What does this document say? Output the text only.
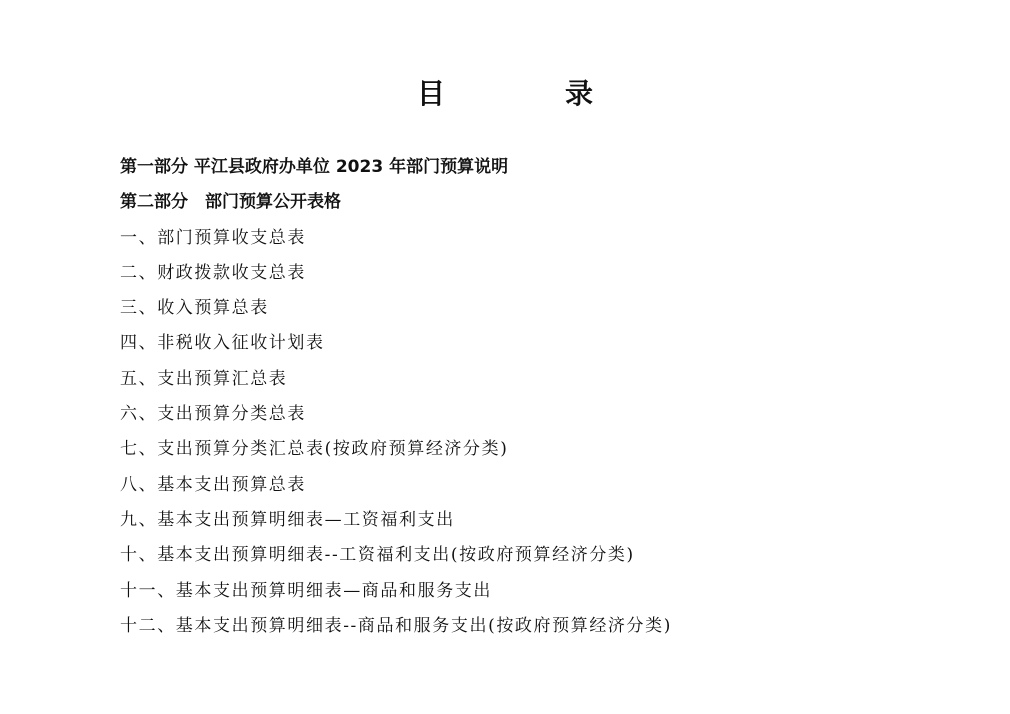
目　录
第一部分 平江县政府办单位 2023 年部门预算说明
第二部分　部门预算公开表格
一、部门预算收支总表
二、财政拨款收支总表
三、收入预算总表
四、非税收入征收计划表
五、支出预算汇总表
六、支出预算分类总表
七、支出预算分类汇总表(按政府预算经济分类)
八、基本支出预算总表
九、基本支出预算明细表—工资福利支出
十、基本支出预算明细表--工资福利支出(按政府预算经济分类)
十一、基本支出预算明细表—商品和服务支出
十二、基本支出预算明细表--商品和服务支出(按政府预算经济分类)
